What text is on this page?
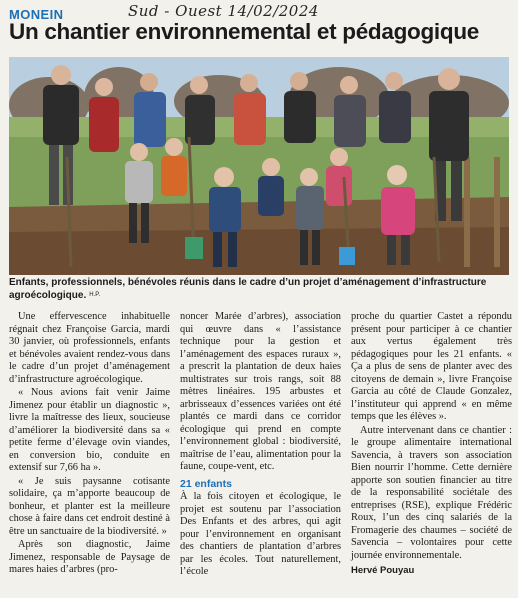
Sud - Ouest 14/02/2024
MONEIN
Un chantier environnemental et pédagogique
Enfants, professionnels, bénévoles réunis dans le cadre d’un projet d’aménagement d’infrastructure agroécologique. $^{H.P.}$

Une effervescence inhabituelle régnait chez Françoise Garcia, mardi 30 janvier, où professionnels, enfants et bénévoles avaient rendez-vous dans le cadre d’un projet d’aménagement d’infrastructure agroécologique.

« Nous avions fait venir Jaime Jimenez pour établir un diagnostic », livre la maîtresse des lieux, soucieuse d’améliorer la biodiversité dans sa « petite ferme d’élevage ovin viandes, en conversion bio, conduite en extensif sur 7,66 ha ».

« Je suis paysanne cotisante solidaire, ça m’apporte beaucoup de bonheur, et planter est la meilleure chose à faire dans cet endroit destiné à être un sanctuaire de la biodiversité. »

Après son diagnostic, Jaime Jimenez, responsable de Paysage de mares haies d’arbres (pro-

noncer Marée d’arbres), association qui œuvre dans « l’assistance technique pour la gestion et l’aménagement des espaces ruraux », a prescrit la plantation de deux haies multistrates sur trois rangs, soit 88 mètres linéaires. 195 arbustes et arbrisseaux d’essences variées ont été plantés ce mardi dans ce corridor écologique qui prend en compte l’environnement global : biodiversité, maîtrise de l’eau, alimentation pour la faune, coupe-vent, etc.

21 enfants

À la fois citoyen et écologique, le projet est soutenu par l’association Des Enfants et des arbres, qui agit pour l’environnement en organisant des chantiers de plantation d’arbres par les écoles. Tout naturellement, l’école

proche du quartier Castet a répondu présent pour participer à ce chantier aux vertus également très pédagogiques pour les 21 enfants. « Ça a plus de sens de planter avec des citoyens de demain », livre Françoise Garcia au côté de Claude Gonzalez, l’instituteur qui apprend « en même temps que les élèves ».

Autre intervenant dans ce chantier : le groupe alimentaire international Savencia, à travers son association Bien nourrir l’homme. Cette dernière apporte son soutien financier au titre de la responsabilité sociétale des entreprises (RSE), explique Frédéric Roux, l’un des cinq salariés de la Fromagerie des chaumes – société de Savencia – volontaires pour cette journée environnementale.

Hervé Pouyau
